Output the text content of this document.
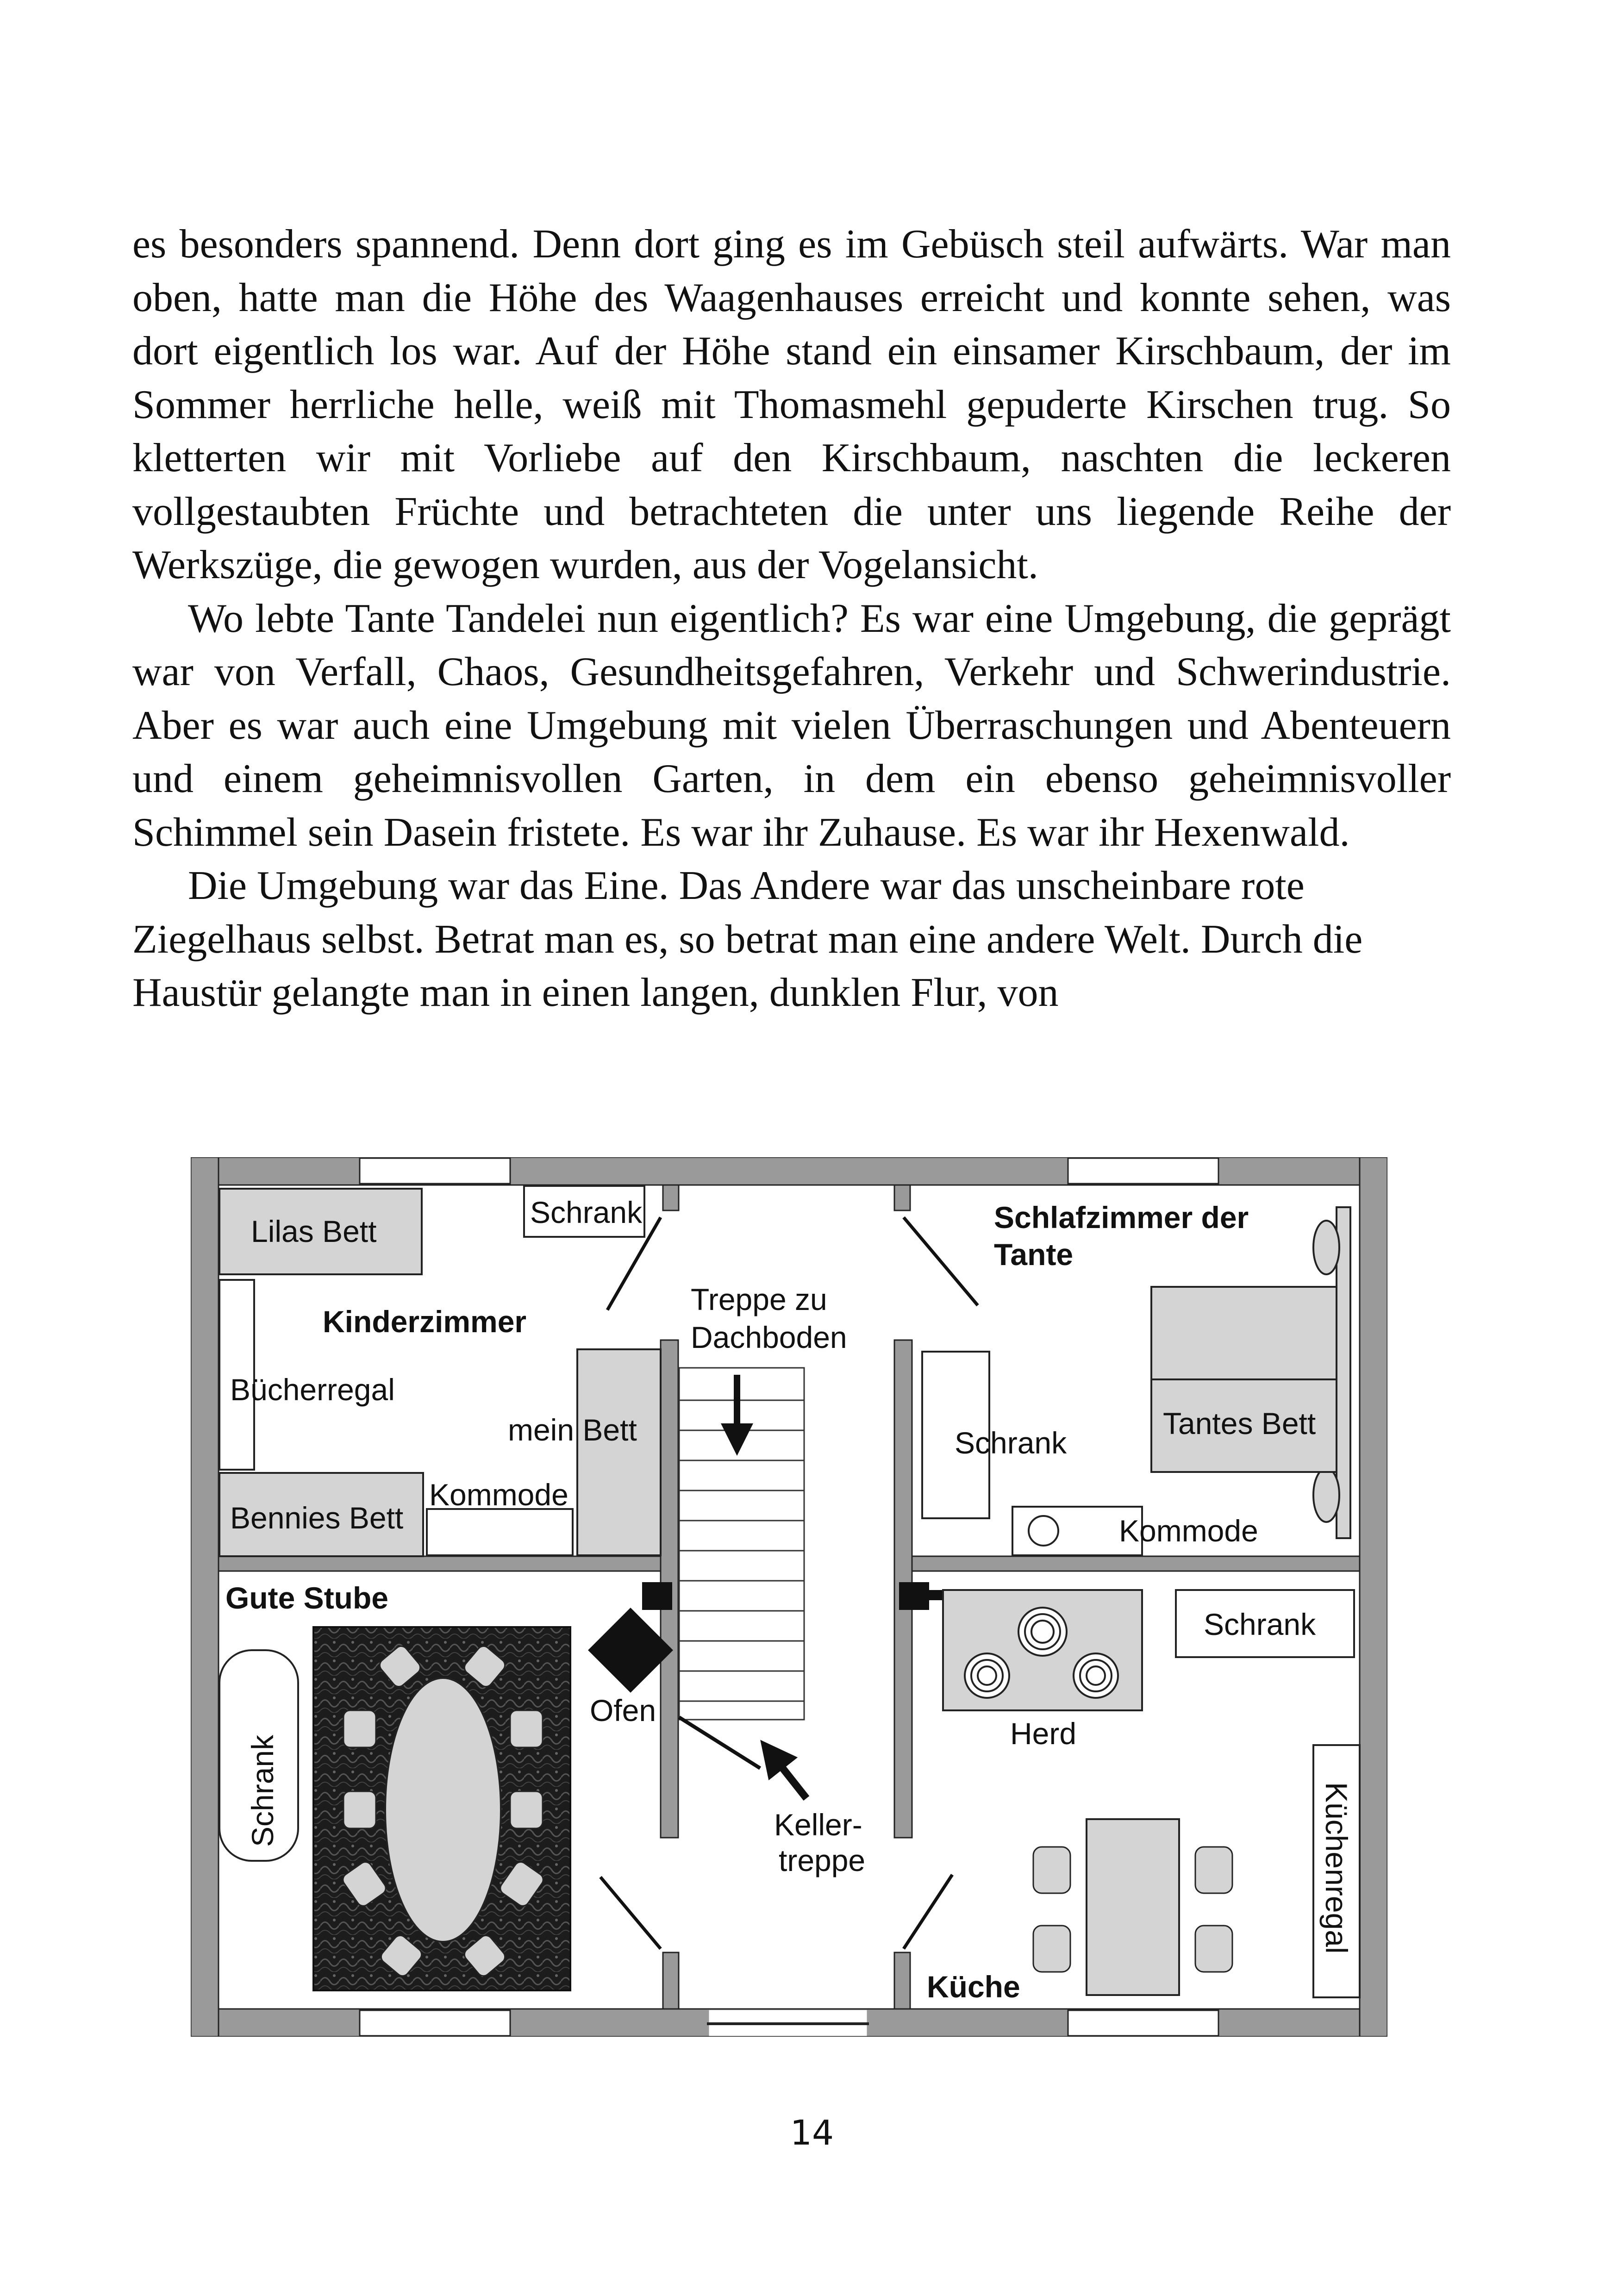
es besonders spannend. Denn dort ging es im Gebüsch steil aufwärts. War man oben, hatte man die Höhe des Waagenhauses erreicht und konnte sehen, was dort eigentlich los war. Auf der Höhe stand ein einsamer Kirschbaum, der im Sommer herrliche helle, weiß mit Thomasmehl gepuderte Kirschen trug. So kletterten wir mit Vorliebe auf den Kirschbaum, naschten die leckeren vollgestaubten Früchte und betrachteten die unter uns liegende Reihe der Werkszüge, die gewogen wurden, aus der Vogelansicht.

Wo lebte Tante Tandelei nun eigentlich? Es war eine Umgebung, die geprägt war von Verfall, Chaos, Gesundheitsgefahren, Verkehr und Schwerindustrie. Aber es war auch eine Umgebung mit vielen Überraschungen und Abenteuern und einem geheimnisvollen Garten, in dem ein ebenso geheimnisvoller Schimmel sein Dasein fristete. Es war ihr Zuhause. Es war ihr Hexenwald.

Die Umgebung war das Eine. Das Andere war das unscheinbare rote Ziegelhaus selbst. Betrat man es, so betrat man eine andere Welt. Durch die Haustür gelangte man in einen langen, dunklen Flur, von

Lilas Bett
Schrank
Kinderzimmer
Bücherregal
mein Bett
Bennies Bett
Kommode
Treppe zu
Dachboden
Schlafzimmer der
Tante
Tantes Bett
Schrank
Kommode
Gute Stube
Schrank
Ofen
Keller-
treppe
Herd
Schrank
Küchenregal
Küche
14
